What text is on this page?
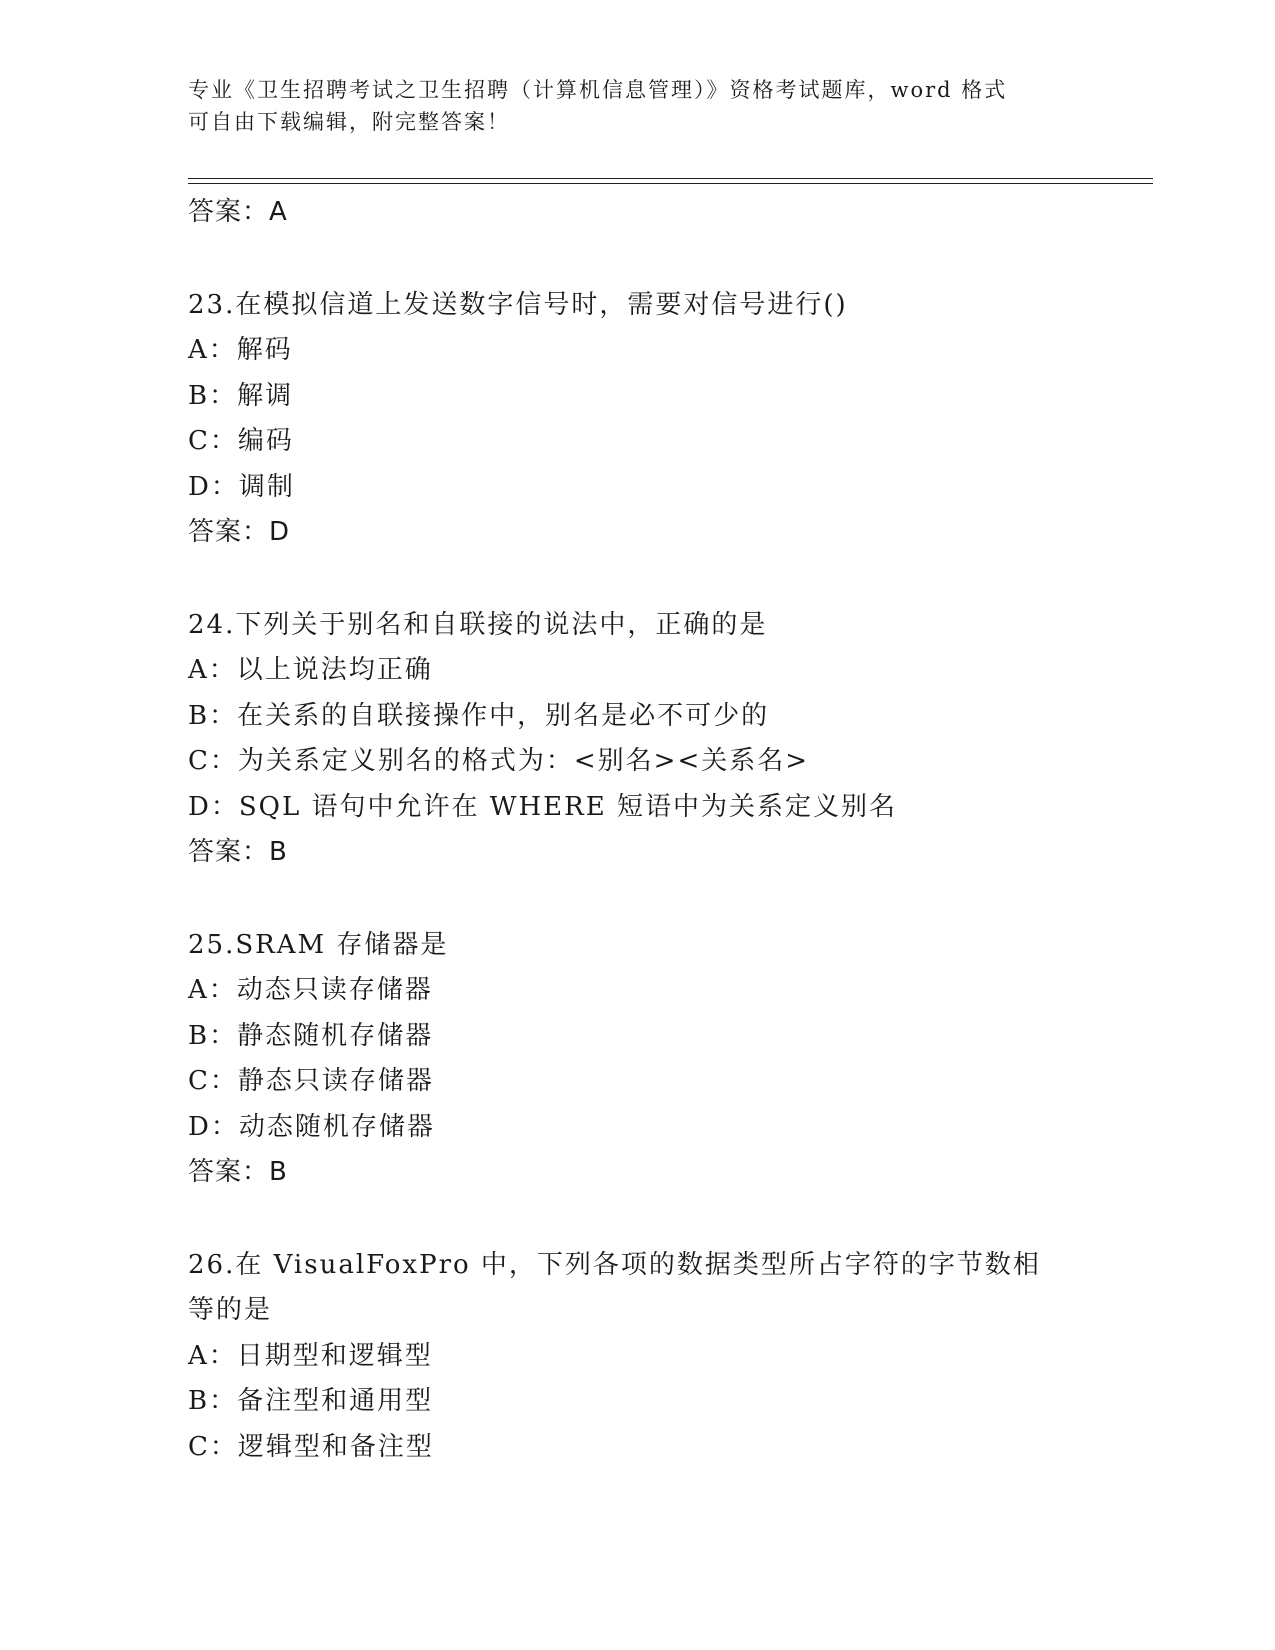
专业《卫生招聘考试之卫生招聘（计算机信息管理）》资格考试题库，word 格式
可自由下载编辑，附完整答案！
答案：A
23.在模拟信道上发送数字信号时，需要对信号进行()
A：解码
B：解调
C：编码
D：调制
答案：D
24.下列关于别名和自联接的说法中，正确的是
A：以上说法均正确
B：在关系的自联接操作中，别名是必不可少的
C：为关系定义别名的格式为：<别名><关系名>
D：SQL 语句中允许在 WHERE 短语中为关系定义别名
答案：B
25.SRAM 存储器是
A：动态只读存储器
B：静态随机存储器
C：静态只读存储器
D：动态随机存储器
答案：B
26.在 VisualFoxPro 中，下列各项的数据类型所占字符的字节数相等的是
A：日期型和逻辑型
B：备注型和通用型
C：逻辑型和备注型
